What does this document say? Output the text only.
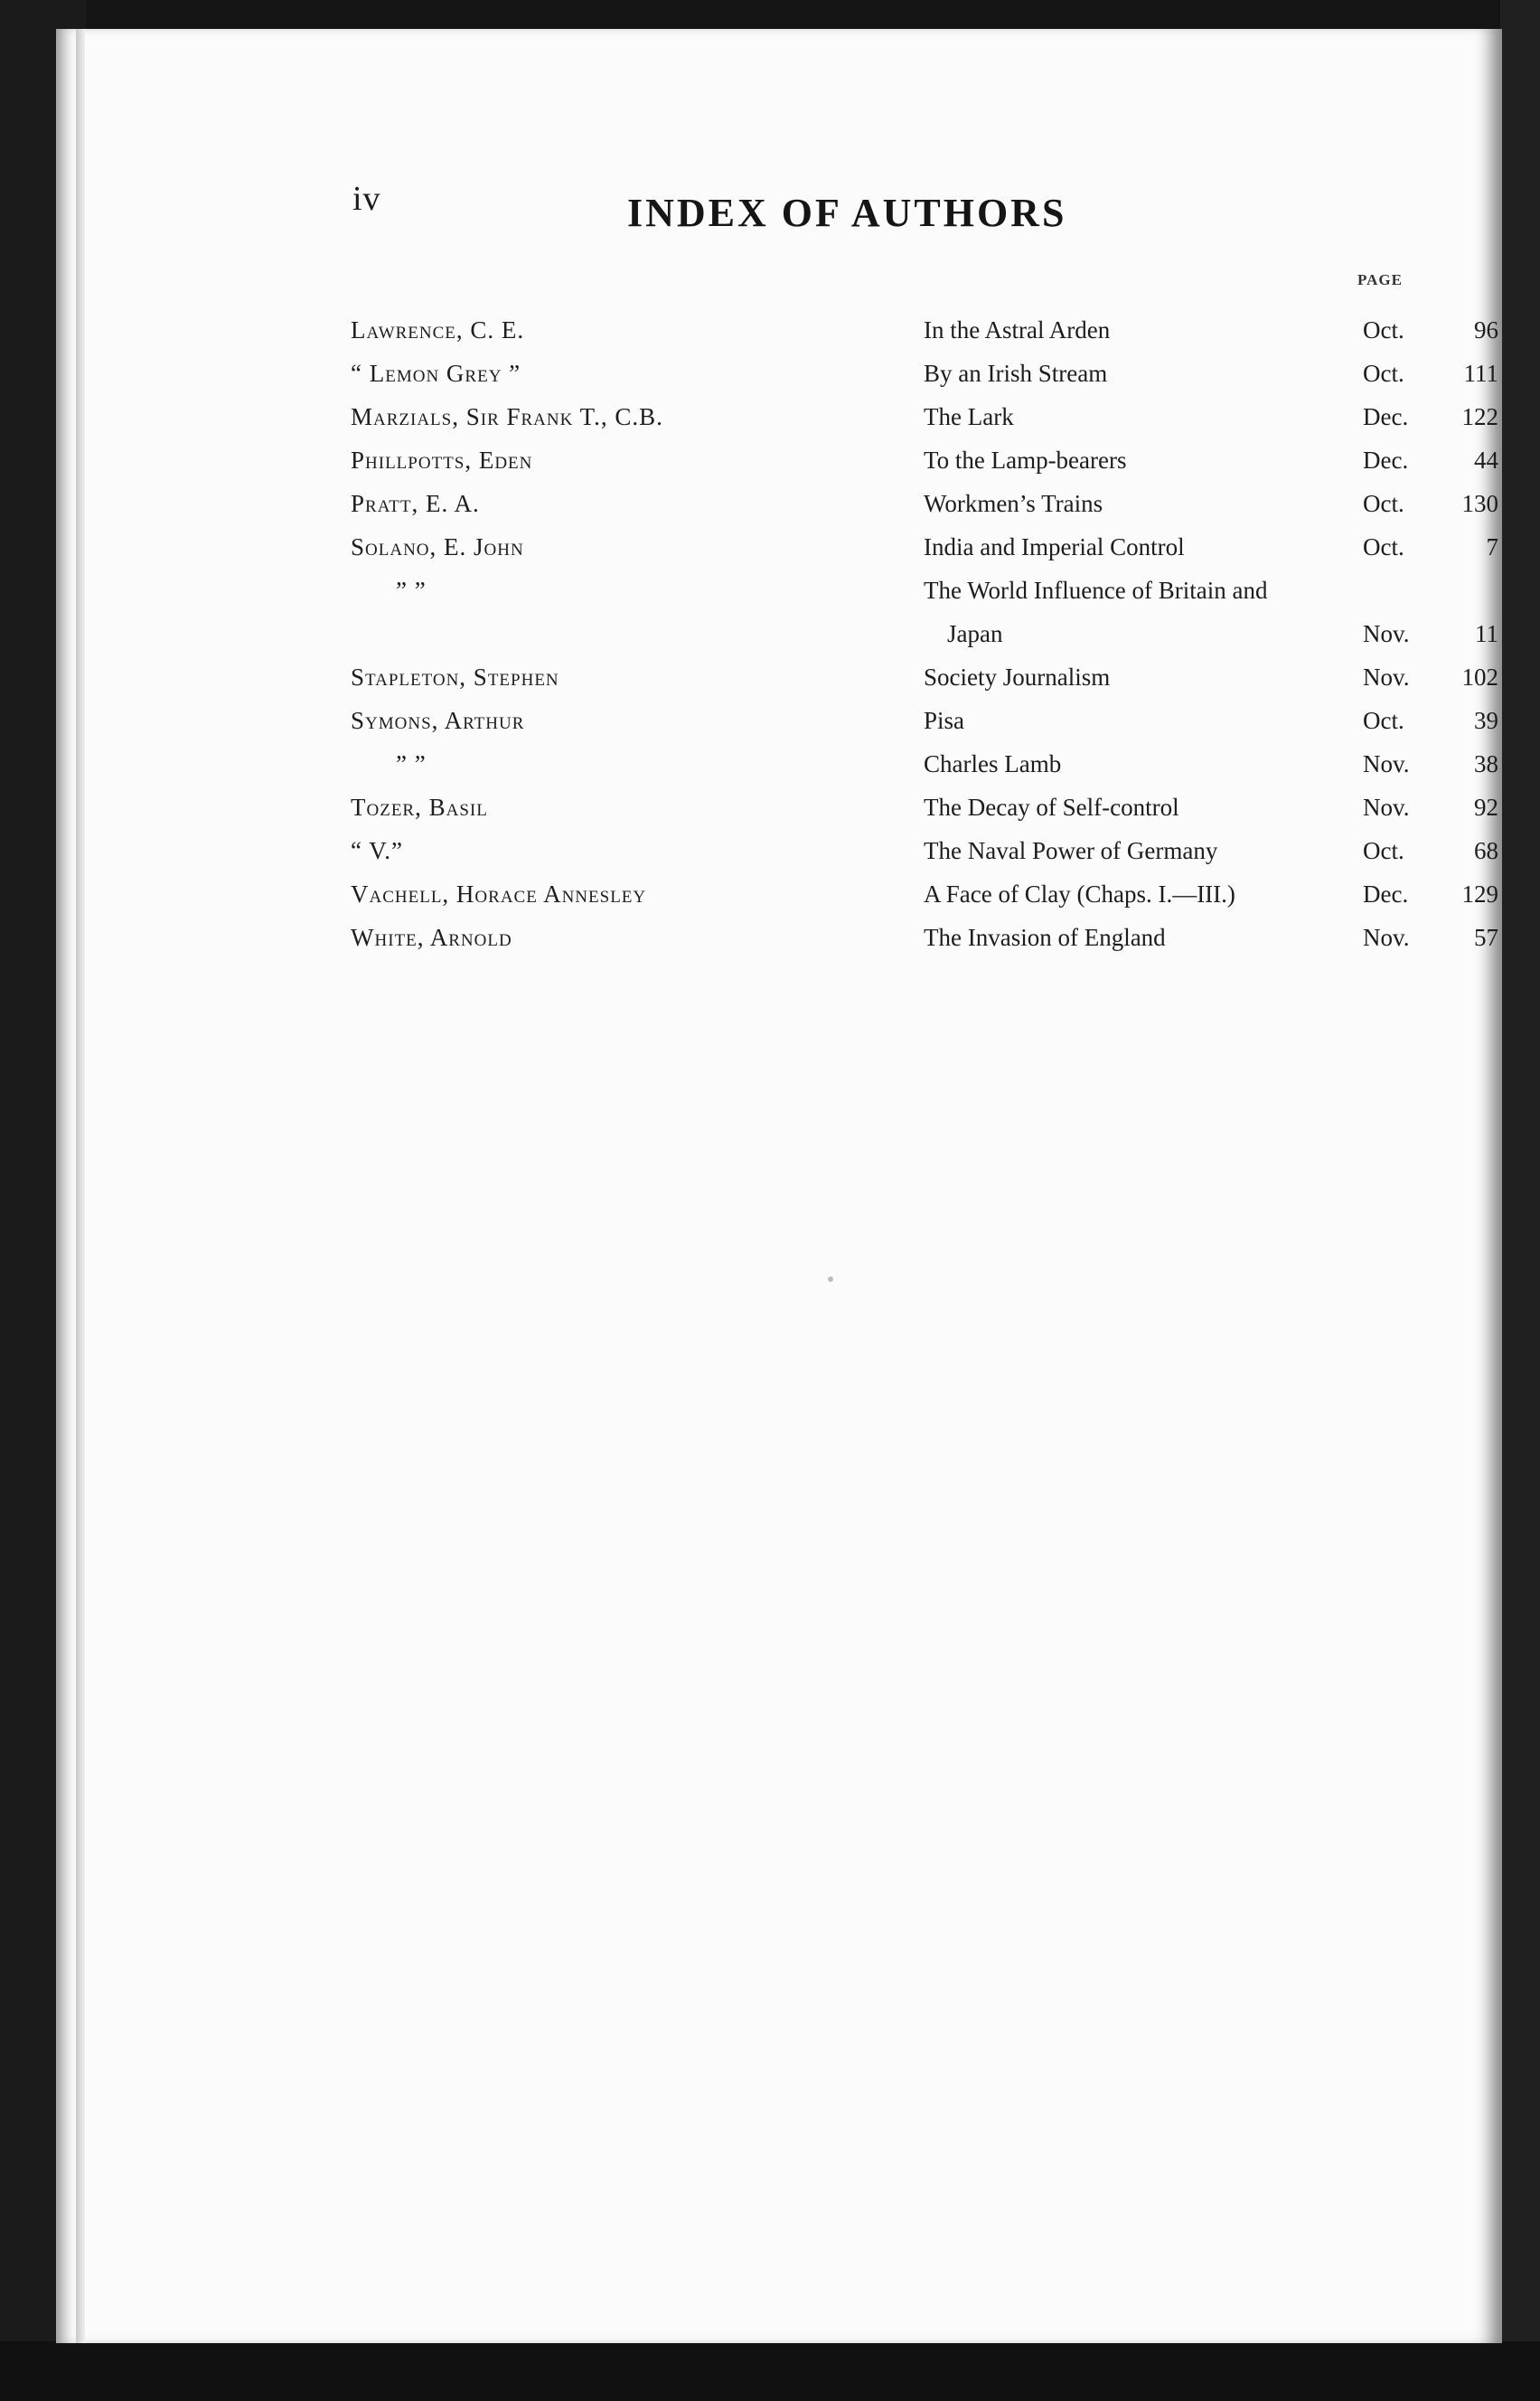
iv	INDEX OF AUTHORS
PAGE
Lawrence, C. E.	In the Astral Arden	Oct.	96
“ Lemon Grey ”	By an Irish Stream	Oct.	111
Marzials, Sir Frank T., C.B.	The Lark	Dec.	122
Phillpotts, Eden	To the Lamp-bearers	Dec.	44
Pratt, E. A.	Workmen’s Trains	Oct.	130
Solano, E. John	India and Imperial Control	Oct.	7
” ”	The World Influence of Britain and
Japan	Nov.	11
Stapleton, Stephen	Society Journalism	Nov.	102
Symons, Arthur	Pisa	Oct.	39
” ”	Charles Lamb	Nov.	38
Tozer, Basil	The Decay of Self-control	Nov.	92
“ V.”	The Naval Power of Germany	Oct.	68
Vachell, Horace Annesley	A Face of Clay (Chaps. I.—III.)	Dec.	129
White, Arnold	The Invasion of England	Nov.	57
